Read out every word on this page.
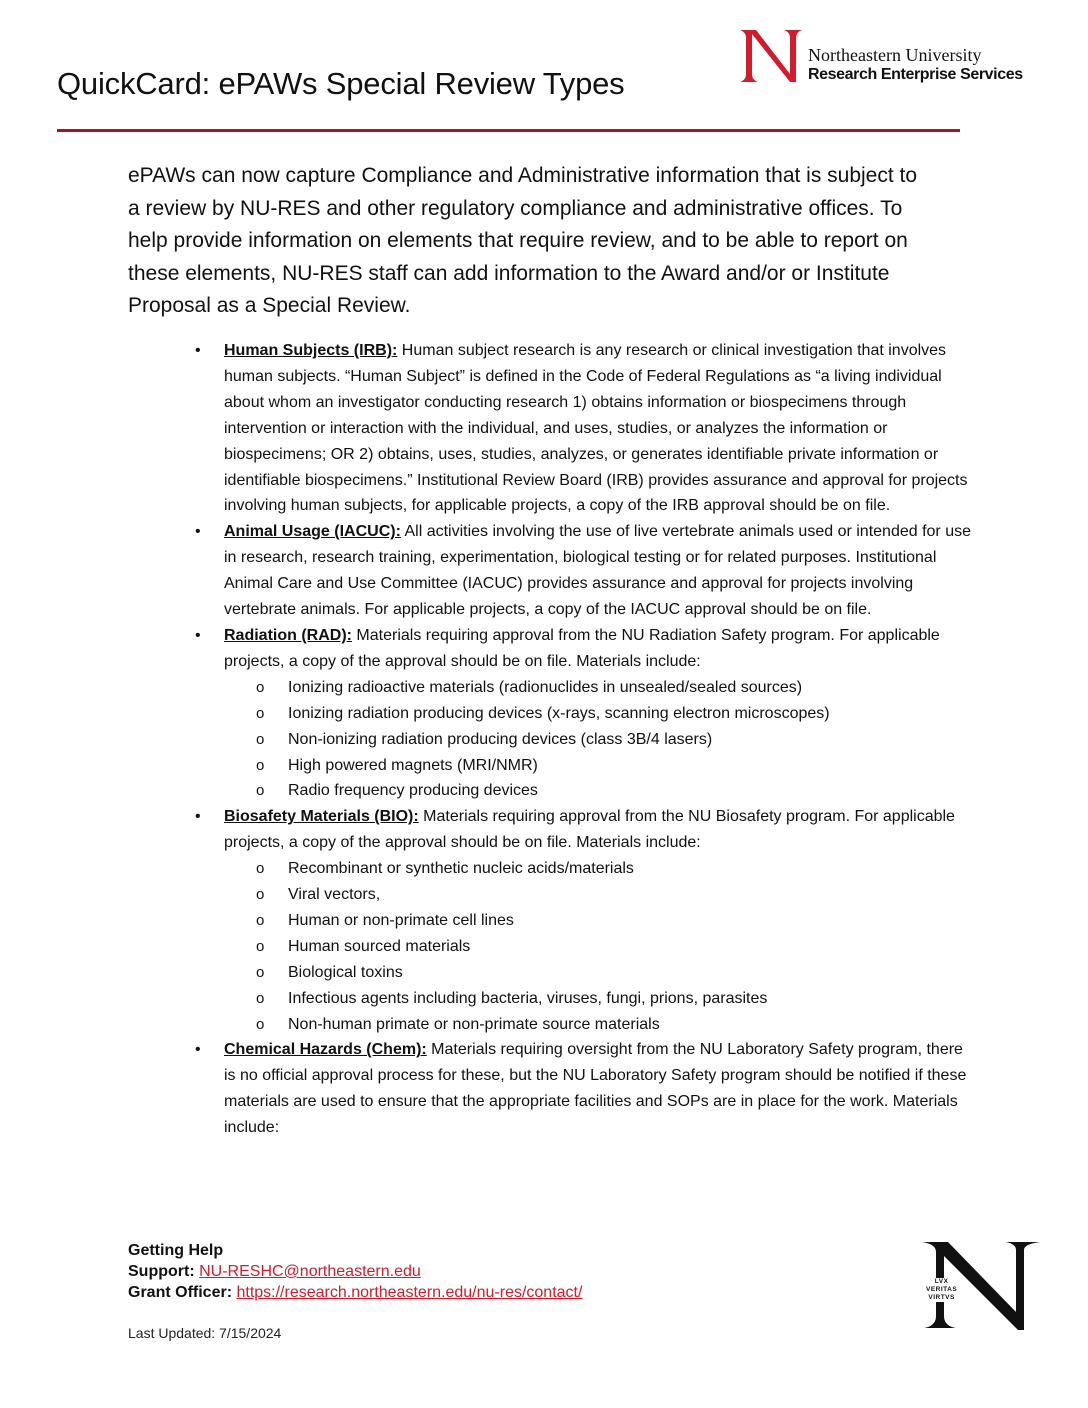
QuickCard: ePAWs Special Review Types
Northeastern University
Research Enterprise Services

ePAWs can now capture Compliance and Administrative information that is subject to a review by NU-RES and other regulatory compliance and administrative offices. To help provide information on elements that require review, and to be able to report on these elements, NU-RES staff can add information to the Award and/or or Institute Proposal as a Special Review.

• Human Subjects (IRB): Human subject research is any research or clinical investigation that involves human subjects. “Human Subject” is defined in the Code of Federal Regulations as “a living individual about whom an investigator conducting research 1) obtains information or biospecimens through intervention or interaction with the individual, and uses, studies, or analyzes the information or biospecimens; OR 2) obtains, uses, studies, analyzes, or generates identifiable private information or identifiable biospecimens.” Institutional Review Board (IRB) provides assurance and approval for projects involving human subjects, for applicable projects, a copy of the IRB approval should be on file.
• Animal Usage (IACUC): All activities involving the use of live vertebrate animals used or intended for use in research, research training, experimentation, biological testing or for related purposes. Institutional Animal Care and Use Committee (IACUC) provides assurance and approval for projects involving vertebrate animals. For applicable projects, a copy of the IACUC approval should be on file.
• Radiation (RAD): Materials requiring approval from the NU Radiation Safety program. For applicable projects, a copy of the approval should be on file. Materials include:
o Ionizing radioactive materials (radionuclides in unsealed/sealed sources)
o Ionizing radiation producing devices (x-rays, scanning electron microscopes)
o Non-ionizing radiation producing devices (class 3B/4 lasers)
o High powered magnets (MRI/NMR)
o Radio frequency producing devices
• Biosafety Materials (BIO): Materials requiring approval from the NU Biosafety program. For applicable projects, a copy of the approval should be on file. Materials include:
o Recombinant or synthetic nucleic acids/materials
o Viral vectors,
o Human or non-primate cell lines
o Human sourced materials
o Biological toxins
o Infectious agents including bacteria, viruses, fungi, prions, parasites
o Non-human primate or non-primate source materials
• Chemical Hazards (Chem): Materials requiring oversight from the NU Laboratory Safety program, there is no official approval process for these, but the NU Laboratory Safety program should be notified if these materials are used to ensure that the appropriate facilities and SOPs are in place for the work. Materials include:
Getting Help
Support: NU-RESHC@northeastern.edu
Grant Officer: https://research.northeastern.edu/nu-res/contact/
Last Updated: 7/15/2024
LVX
VERITAS
VIRTVS
